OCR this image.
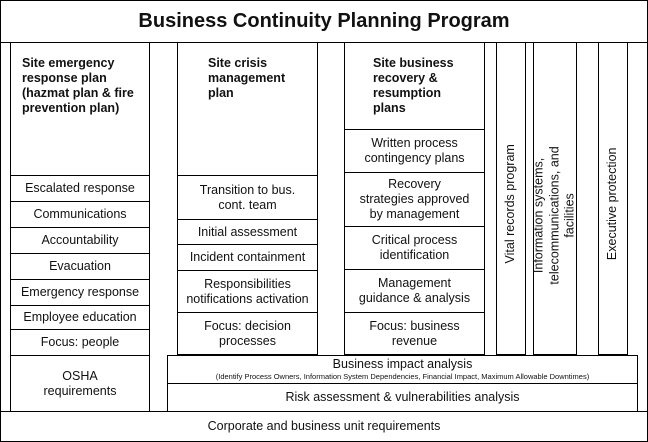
Business Continuity Planning Program
Site emergency response plan (hazmat plan & fire prevention plan)
Escalated response
Communications
Accountability
Evacuation
Emergency response
Employee education
Focus: people
OSHA requirements
Site crisis management plan
Transition to bus. cont. team
Initial assessment
Incident containment
Responsibilities notifications activation
Focus: decision processes
Site business recovery & resumption plans
Written process contingency plans
Recovery strategies approved by management
Critical process identification
Management guidance & analysis
Focus: business revenue
Vital records program Information systems, telecommunications, and facilities Executive protection
Business impact analysis
(Identify Process Owners, Information System Dependencies, Financial Impact, Maximum Allowable Downtimes)
Risk assessment & vulnerabilities analysis
Corporate and business unit requirements
